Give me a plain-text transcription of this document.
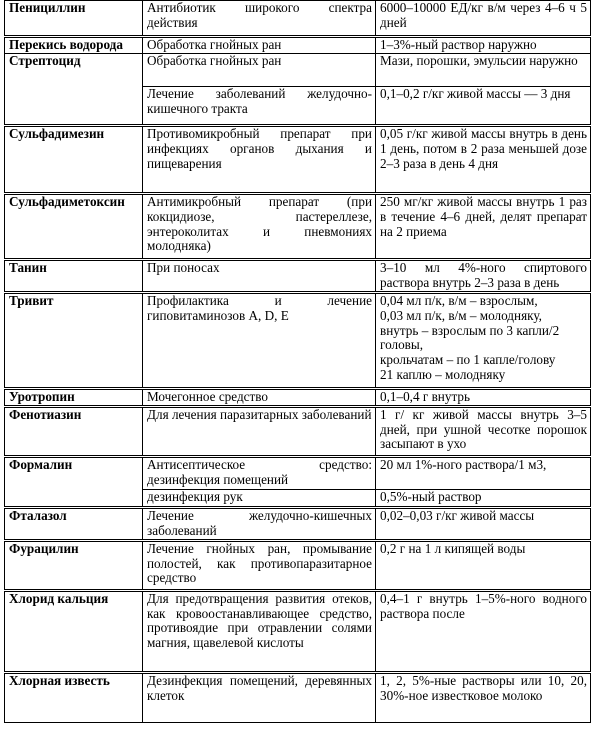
Пенициллин	Антибиотик широкого спектра действия	6000–10000 ЕД/кг в/м через 4–6 ч 5 дней
Перекись водорода	Обработка гнойных ран	1–3%-ный раствор наружно
Стрептоцид	Обработка гнойных ран	Мази, порошки, эмульсии наружно
	Лечение заболеваний желудочно-кишечного тракта	0,1–0,2 г/кг живой массы –– 3 дня
Сульфадимезин	Противомикробный препарат при инфекциях органов дыхания и пищеварения	0,05 г/кг живой массы внутрь в день 1 день, потом в 2 раза меньшей дозе 2–3 раза в день 4 дня
Сульфадиметоксин	Антимикробный препарат (при кокцидиозе, пастереллезе, энтероколитах и пневмониях молодняка)	250 мг/кг живой массы внутрь 1 раз в течение 4–6 дней, делят препарат на 2 приема
Танин	При поносах	3–10 мл 4%-ного спиртового раствора внутрь 2–3 раза в день
Тривит	Профилактика и лечение гиповитаминозов А, D, E	0,04 мл п/к, в/м – взрослым,
0,03 мл п/к, в/м – молодняку,
внутрь – взрослым по 3 капли/2 головы,
крольчатам – по 1 капле/голову
21 каплю – молодняку

Уротропин	Мочегонное средство	0,1–0,4 г внутрь
Фенотиазин	Для лечения паразитарных заболеваний	1 г/ кг живой массы внутрь 3–5 дней, при ушной чесотке порошок засыпают в ухо
Формалин	Антисептическое средство: дезинфекция помещений	20 мл 1%-ного раствора/1 м3,
	дезинфекция рук	0,5%-ный раствор
Фталазол	Лечение желудочно-кишечных заболеваний	0,02–0,03 г/кг живой массы
Фурацилин	Лечение гнойных ран, промывание полостей, как противопаразитарное средство	0,2 г на 1 л кипящей воды
Хлорид кальция	Для предотвращения развития отеков, как кровоостанавливающее средство, противоядие при отравлении солями магния, щавелевой кислоты	0,4–1 г внутрь 1–5%-ного водного раствора после
Хлорная известь	Дезинфекция помещений, деревянных клеток	1, 2, 5%-ные растворы или 10, 20, 30%-ное известковое молоко
